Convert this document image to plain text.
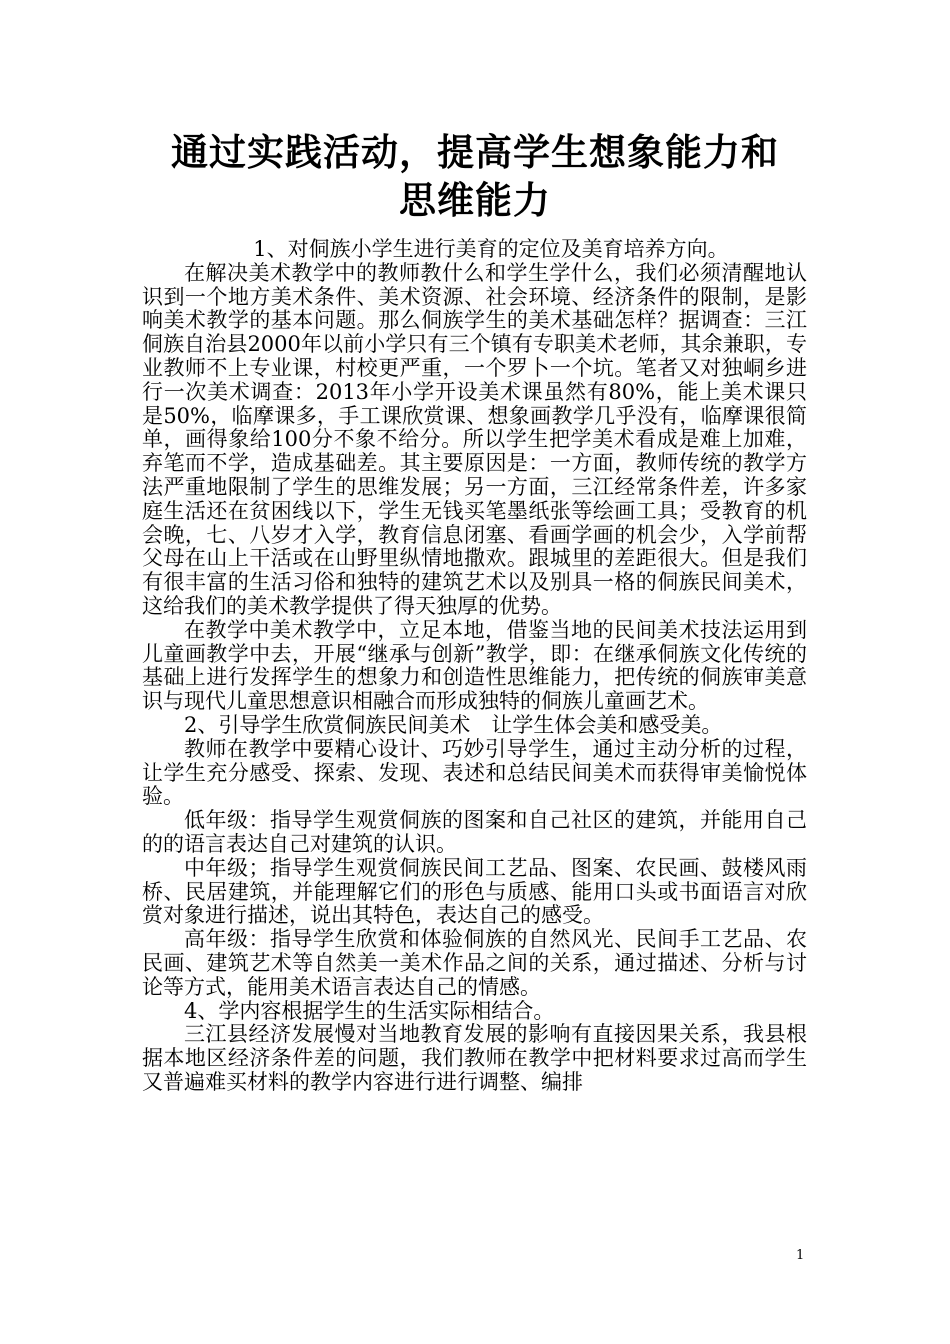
通过实践活动，提高学生想象能力和
思维能力

1、对侗族小学生进行美育的定位及美育培养方向。

在解决美术教学中的教师教什么和学生学什么，我们必须清醒地认识到一个地方美术条件、美术资源、社会环境、经济条件的限制，是影响美术教学的基本问题。那么侗族学生的美术基础怎样？据调查：三江侗族自治县2000年以前小学只有三个镇有专职美术老师，其余兼职，专业教师不上专业课，村校更严重，一个罗卜一个坑。笔者又对独峒乡进行一次美术调查：2013年小学开设美术课虽然有80%，能上美术课只是50%，临摩课多，手工课欣赏课、想象画教学几乎没有，临摩课很简单，画得象给100分不象不给分。所以学生把学美术看成是难上加难，弃笔而不学，造成基础差。其主要原因是：一方面，教师传统的教学方法严重地限制了学生的思维发展；另一方面，三江经常条件差，许多家庭生活还在贫困线以下，学生无钱买笔墨纸张等绘画工具；受教育的机会晚，七、八岁才入学，教育信息闭塞、看画学画的机会少，入学前帮父母在山上干活或在山野里纵情地撒欢。跟城里的差距很大。但是我们有很丰富的生活习俗和独特的建筑艺术以及别具一格的侗族民间美术，这给我们的美术教学提供了得天独厚的优势。

在教学中美术教学中，立足本地，借鉴当地的民间美术技法运用到儿童画教学中去，开展“继承与创新”教学，即：在继承侗族文化传统的基础上进行发挥学生的想象力和创造性思维能力，把传统的侗族审美意识与现代儿童思想意识相融合而形成独特的侗族儿童画艺术。

2、引导学生欣赏侗族民间美术　让学生体会美和感受美。

教师在教学中要精心设计、巧妙引导学生，通过主动分析的过程，让学生充分感受、探索、发现、表述和总结民间美术而获得审美愉悦体验。

低年级：指导学生观赏侗族的图案和自己社区的建筑，并能用自己的的语言表达自己对建筑的认识。

中年级；指导学生观赏侗族民间工艺品、图案、农民画、鼓楼风雨桥、民居建筑，并能理解它们的形色与质感、能用口头或书面语言对欣赏对象进行描述，说出其特色，表达自己的感受。

高年级：指导学生欣赏和体验侗族的自然风光、民间手工艺品、农民画、建筑艺术等自然美一美术作品之间的关系，通过描述、分析与讨论等方式，能用美术语言表达自己的情感。

4、学内容根据学生的生活实际相结合。

三江县经济发展慢对当地教育发展的影响有直接因果关系，我县根据本地区经济条件差的问题，我们教师在教学中把材料要求过高而学生又普遍难买材料的教学内容进行进行调整、编排

1
